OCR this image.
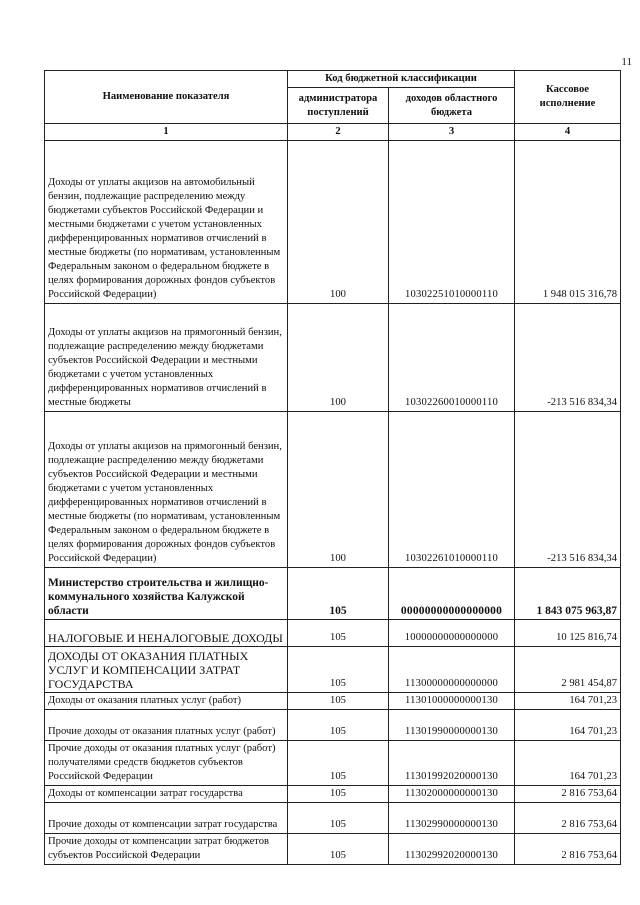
11
Наименование показателя	Код бюджетной классификации		Кассовое исполнение
	администратора поступлений	доходов областного бюджета	
1	2	3	4
Доходы от уплаты акцизов на автомобильный бензин, подлежащие распределению между бюджетами субъектов Российской Федерации и местными бюджетами с учетом установленных дифференцированных нормативов отчислений в местные бюджеты (по нормативам, установленным Федеральным законом о федеральном бюджете в целях формирования дорожных фондов субъектов Российской Федерации)	100	10302251010000110	1 948 015 316,78
Доходы от уплаты акцизов на прямогонный бензин, подлежащие распределению между бюджетами субъектов Российской Федерации и местными бюджетами с учетом установленных дифференцированных нормативов отчислений в местные бюджеты	100	10302260010000110	-213 516 834,34
Доходы от уплаты акцизов на прямогонный бензин, подлежащие распределению между бюджетами субъектов Российской Федерации и местными бюджетами с учетом установленных дифференцированных нормативов отчислений в местные бюджеты (по нормативам, установленным Федеральным законом о федеральном бюджете в целях формирования дорожных фондов субъектов Российской Федерации)	100	10302261010000110	-213 516 834,34
Министерство строительства и жилищно-коммунального хозяйства Калужской области	105	00000000000000000	1 843 075 963,87
НАЛОГОВЫЕ И НЕНАЛОГОВЫЕ ДОХОДЫ	105	10000000000000000	10 125 816,74
ДОХОДЫ ОТ ОКАЗАНИЯ ПЛАТНЫХ УСЛУГ И КОМПЕНСАЦИИ ЗАТРАТ ГОСУДАРСТВА	105	11300000000000000	2 981 454,87
Доходы от оказания платных услуг (работ)	105	11301000000000130	164 701,23
Прочие доходы от оказания платных услуг (работ)	105	11301990000000130	164 701,23
Прочие доходы от оказания платных услуг (работ) получателями средств бюджетов субъектов Российской Федерации	105	11301992020000130	164 701,23
Доходы от компенсации затрат государства	105	11302000000000130	2 816 753,64
Прочие доходы от компенсации затрат государства	105	11302990000000130	2 816 753,64
Прочие доходы от компенсации затрат бюджетов субъектов Российской Федерации	105	11302992020000130	2 816 753,64
